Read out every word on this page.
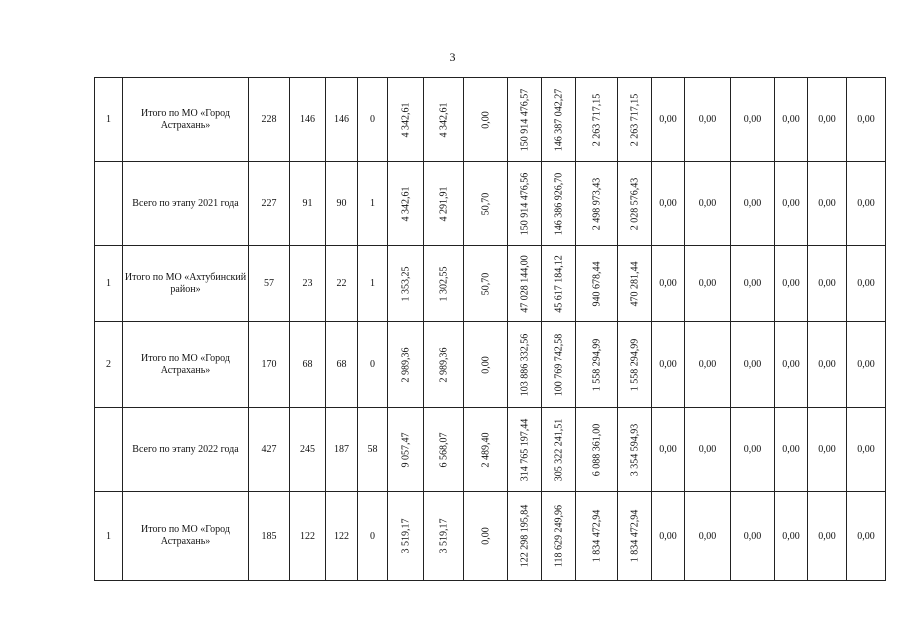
3
1	Итого по МО «Город Астрахань»	228	146	146	0	4 342,61	4 342,61	0,00	150 914 476,57	146 387 042,27	2 263 717,15	2 263 717,15	0,00	0,00	0,00	0,00	0,00	0,00
	Всего по этапу 2021 года	227	91	90	1	4 342,61	4 291,91	50,70	150 914 476,56	146 386 926,70	2 498 973,43	2 028 576,43	0,00	0,00	0,00	0,00	0,00	0,00
1	Итого по МО «Ахтубинский район»	57	23	22	1	1 353,25	1 302,55	50,70	47 028 144,00	45 617 184,12	940 678,44	470 281,44	0,00	0,00	0,00	0,00	0,00	0,00
2	Итого по МО «Город Астрахань»	170	68	68	0	2 989,36	2 989,36	0,00	103 886 332,56	100 769 742,58	1 558 294,99	1 558 294,99	0,00	0,00	0,00	0,00	0,00	0,00
	Всего по этапу 2022 года	427	245	187	58	9 057,47	6 568,07	2 489,40	314 765 197,44	305 322 241,51	6 088 361,00	3 354 594,93	0,00	0,00	0,00	0,00	0,00	0,00
1	Итого по МО «Город Астрахань»	185	122	122	0	3 519,17	3 519,17	0,00	122 298 195,84	118 629 249,96	1 834 472,94	1 834 472,94	0,00	0,00	0,00	0,00	0,00	0,00
